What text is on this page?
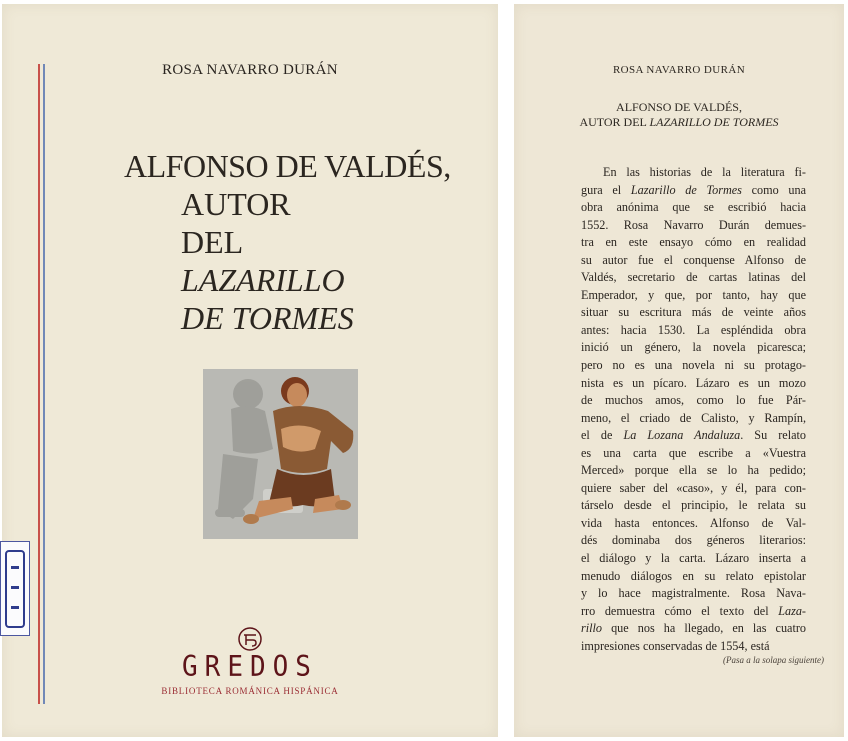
ROSA NAVARRO DURÁN
ALFONSO DE VALDÉS,
AUTOR
DEL
LAZARILLO
DE TORMES
GREDOS
BIBLIOTECA ROMÁNICA HISPÁNICA
ROSA NAVARRO DURÁN
ALFONSO DE VALDÉS,
AUTOR DEL LAZARILLO DE TORMES
En las historias de la literatura fi-
gura el Lazarillo de Tormes como una
obra anónima que se escribió hacia
1552. Rosa Navarro Durán demues-
tra en este ensayo cómo en realidad
su autor fue el conquense Alfonso de
Valdés, secretario de cartas latinas del
Emperador, y que, por tanto, hay que
situar su escritura más de veinte años
antes: hacia 1530. La espléndida obra
inició un género, la novela picaresca;
pero no es una novela ni su protago-
nista es un pícaro. Lázaro es un mozo
de muchos amos, como lo fue Pár-
meno, el criado de Calisto, y Rampín,
el de La Lozana Andaluza. Su relato
es una carta que escribe a «Vuestra
Merced» porque ella se lo ha pedido;
quiere saber del «caso», y él, para con-
társelo desde el principio, le relata su
vida hasta entonces. Alfonso de Val-
dés dominaba dos géneros literarios:
el diálogo y la carta. Lázaro inserta a
menudo diálogos en su relato epistolar
y lo hace magistralmente. Rosa Nava-
rro demuestra cómo el texto del Laza-
rillo que nos ha llegado, en las cuatro
impresiones conservadas de 1554, está
(Pasa a la solapa siguiente)
